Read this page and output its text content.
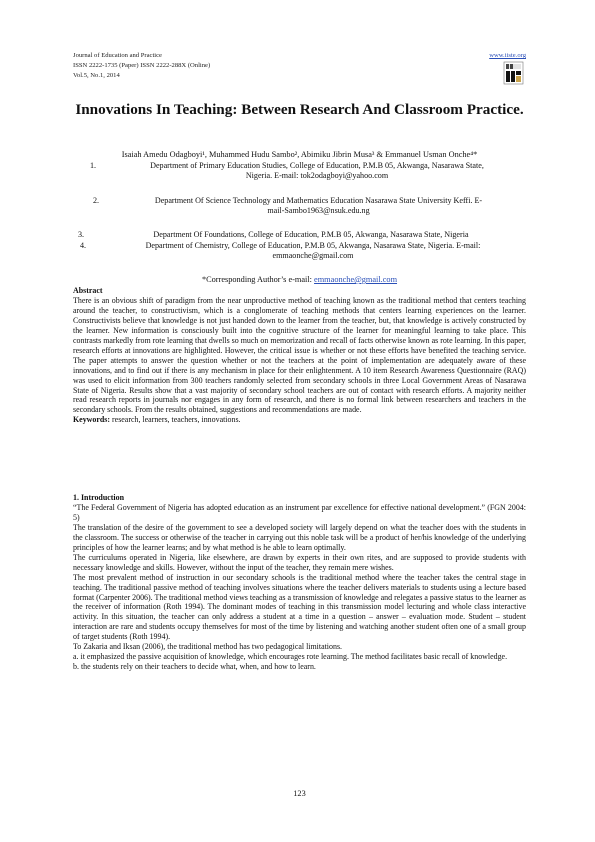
Journal of Education and Practice
ISSN 2222-1735 (Paper) ISSN 2222-288X (Online)
Vol.5, No.1, 2014
www.iiste.org
Innovations In Teaching: Between Research And Classroom Practice.
Isaiah Amedu Odagboyi¹, Muhammed Hudu Sambo², Abimiku Jibrin Musa³ & Emmanuel Usman Onche⁴*
1.	Department of Primary Education Studies, College of Education, P.M.B 05, Akwanga, Nasarawa State,
Nigeria. E-mail: tok2odagboyi@yahoo.com
2.	Department Of Science Technology and Mathematics Education Nasarawa State University Keffi. E-
mail-Sambo1963@nsuk.edu.ng
3.	Department Of Foundations, College of Education, P.M.B 05, Akwanga, Nasarawa State, Nigeria
4.	Department of Chemistry, College of Education, P.M.B 05, Akwanga, Nasarawa State, Nigeria. E-mail:
emmaonche@gmail.com
*Corresponding Author’s e-mail: emmaonche@gmail.com
Abstract
There is an obvious shift of paradigm from the near unproductive method of teaching known as the traditional method that centers teaching around the teacher, to constructivism, which is a conglomerate of teaching methods that centers learning experiences on the learner. Constructivists believe that knowledge is not just handed down to the learner from the teacher, but, that knowledge is actively constructed by the learner. New information is consciously built into the cognitive structure of the learner for meaningful learning to take place. This contrasts markedly from rote learning that dwells so much on memorization and recall of facts otherwise known as rote learning. In this paper, research efforts at innovations are highlighted. However, the critical issue is whether or not these efforts have benefited the teaching service. The paper attempts to answer the question whether or not the teachers at the point of implementation are adequately aware of these innovations, and to find out if there is any mechanism in place for their enlightenment. A 10 item Research Awareness Questionnaire (RAQ) was used to elicit information from 300 teachers randomly selected from secondary schools in three Local Government Areas of Nasarawa State of Nigeria. Results show that a vast majority of secondary school teachers are out of contact with research efforts. A majority neither read research reports in journals nor engages in any form of research, and there is no formal link between researchers and teachers in the secondary schools. From the results obtained, suggestions and recommendations are made.
Keywords: research, learners, teachers, innovations.
1. Introduction
“The Federal Government of Nigeria has adopted education as an instrument par excellence for effective national development.” (FGN 2004: 5)
The translation of the desire of the government to see a developed society will largely depend on what the teacher does with the students in the classroom. The success or otherwise of the teacher in carrying out this noble task will be a product of her/his knowledge of the underlying principles of how the learner learns; and by what method is he able to learn optimally.
The curriculums operated in Nigeria, like elsewhere, are drawn by experts in their own rites, and are supposed to provide students with necessary knowledge and skills. However, without the input of the teacher, they remain mere wishes.
The most prevalent method of instruction in our secondary schools is the traditional method where the teacher takes the central stage in teaching. The traditional passive method of teaching involves situations where the teacher delivers materials to students using a lecture based format (Carpenter 2006). The traditional method views teaching as a transmission of knowledge and relegates a passive status to the learner as the receiver of information (Roth 1994). The dominant modes of teaching in this transmission model lecturing and whole class interactive activity. In this situation, the teacher can only address a student at a time in a question – answer – evaluation mode. Student – student interaction are rare and students occupy themselves for most of the time by listening and watching another student often one of a small group of target students (Roth 1994).
To Zakaria and Iksan (2006), the traditional method has two pedagogical limitations.
a. it emphasized the passive acquisition of knowledge, which encourages rote learning. The method facilitates basic recall of knowledge.
b. the students rely on their teachers to decide what, when, and how to learn.
123
